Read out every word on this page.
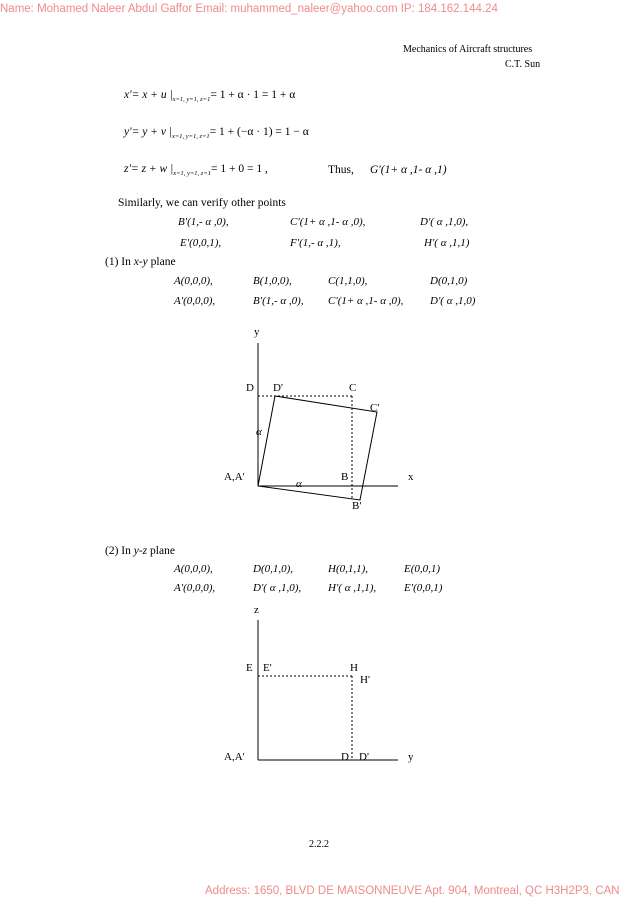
Name: Mohamed Naleer Abdul Gaffor Email: muhammed_naleer@yahoo.com IP: 184.162.144.24
Address: 1650, BLVD DE MAISONNEUVE Apt. 904, Montreal, QC H3H2P3, CAN
Mechanics of Aircraft structures
C.T. Sun
x'= x + u $|_{x=1, y=1, z=1}= 1 + \alpha \cdot 1 = 1 + \alpha$
y'= y + v $|_{x=1, y=1, z=1}= 1 + (-\alpha \cdot 1) = 1 - \alpha$
z'= z + w $|_{x=1, y=1, z=1}= 1 + 0 = 1$ ,	Thus, G'(1+ α ,1- α ,1)
Similarly, we can verify other points
B'(1,- α ,0),	C'(1+ α ,1- α ,0),	D'( α ,1,0),
E'(0,0,1),	F'(1,- α ,1),	H'( α ,1,1)
(1) In x-y plane
A(0,0,0),	B(1,0,0),	C(1,1,0),	D(0,1,0)
A'(0,0,0),	B'(1,- α ,0), C'(1+ α ,1- α ,0), D'( α ,1,0)
y
D D'	C
C'
α
A,A'
α
B	x
B'
(2) In y-z plane
A(0,0,0),	D(0,1,0),	H(0,1,1),	E(0,0,1)
A'(0,0,0),	D'( α ,1,0), H'( α ,1,1),	E'(0,0,1)
z
E E'	H
H'
A,A'	D D'	y
2.2.2
